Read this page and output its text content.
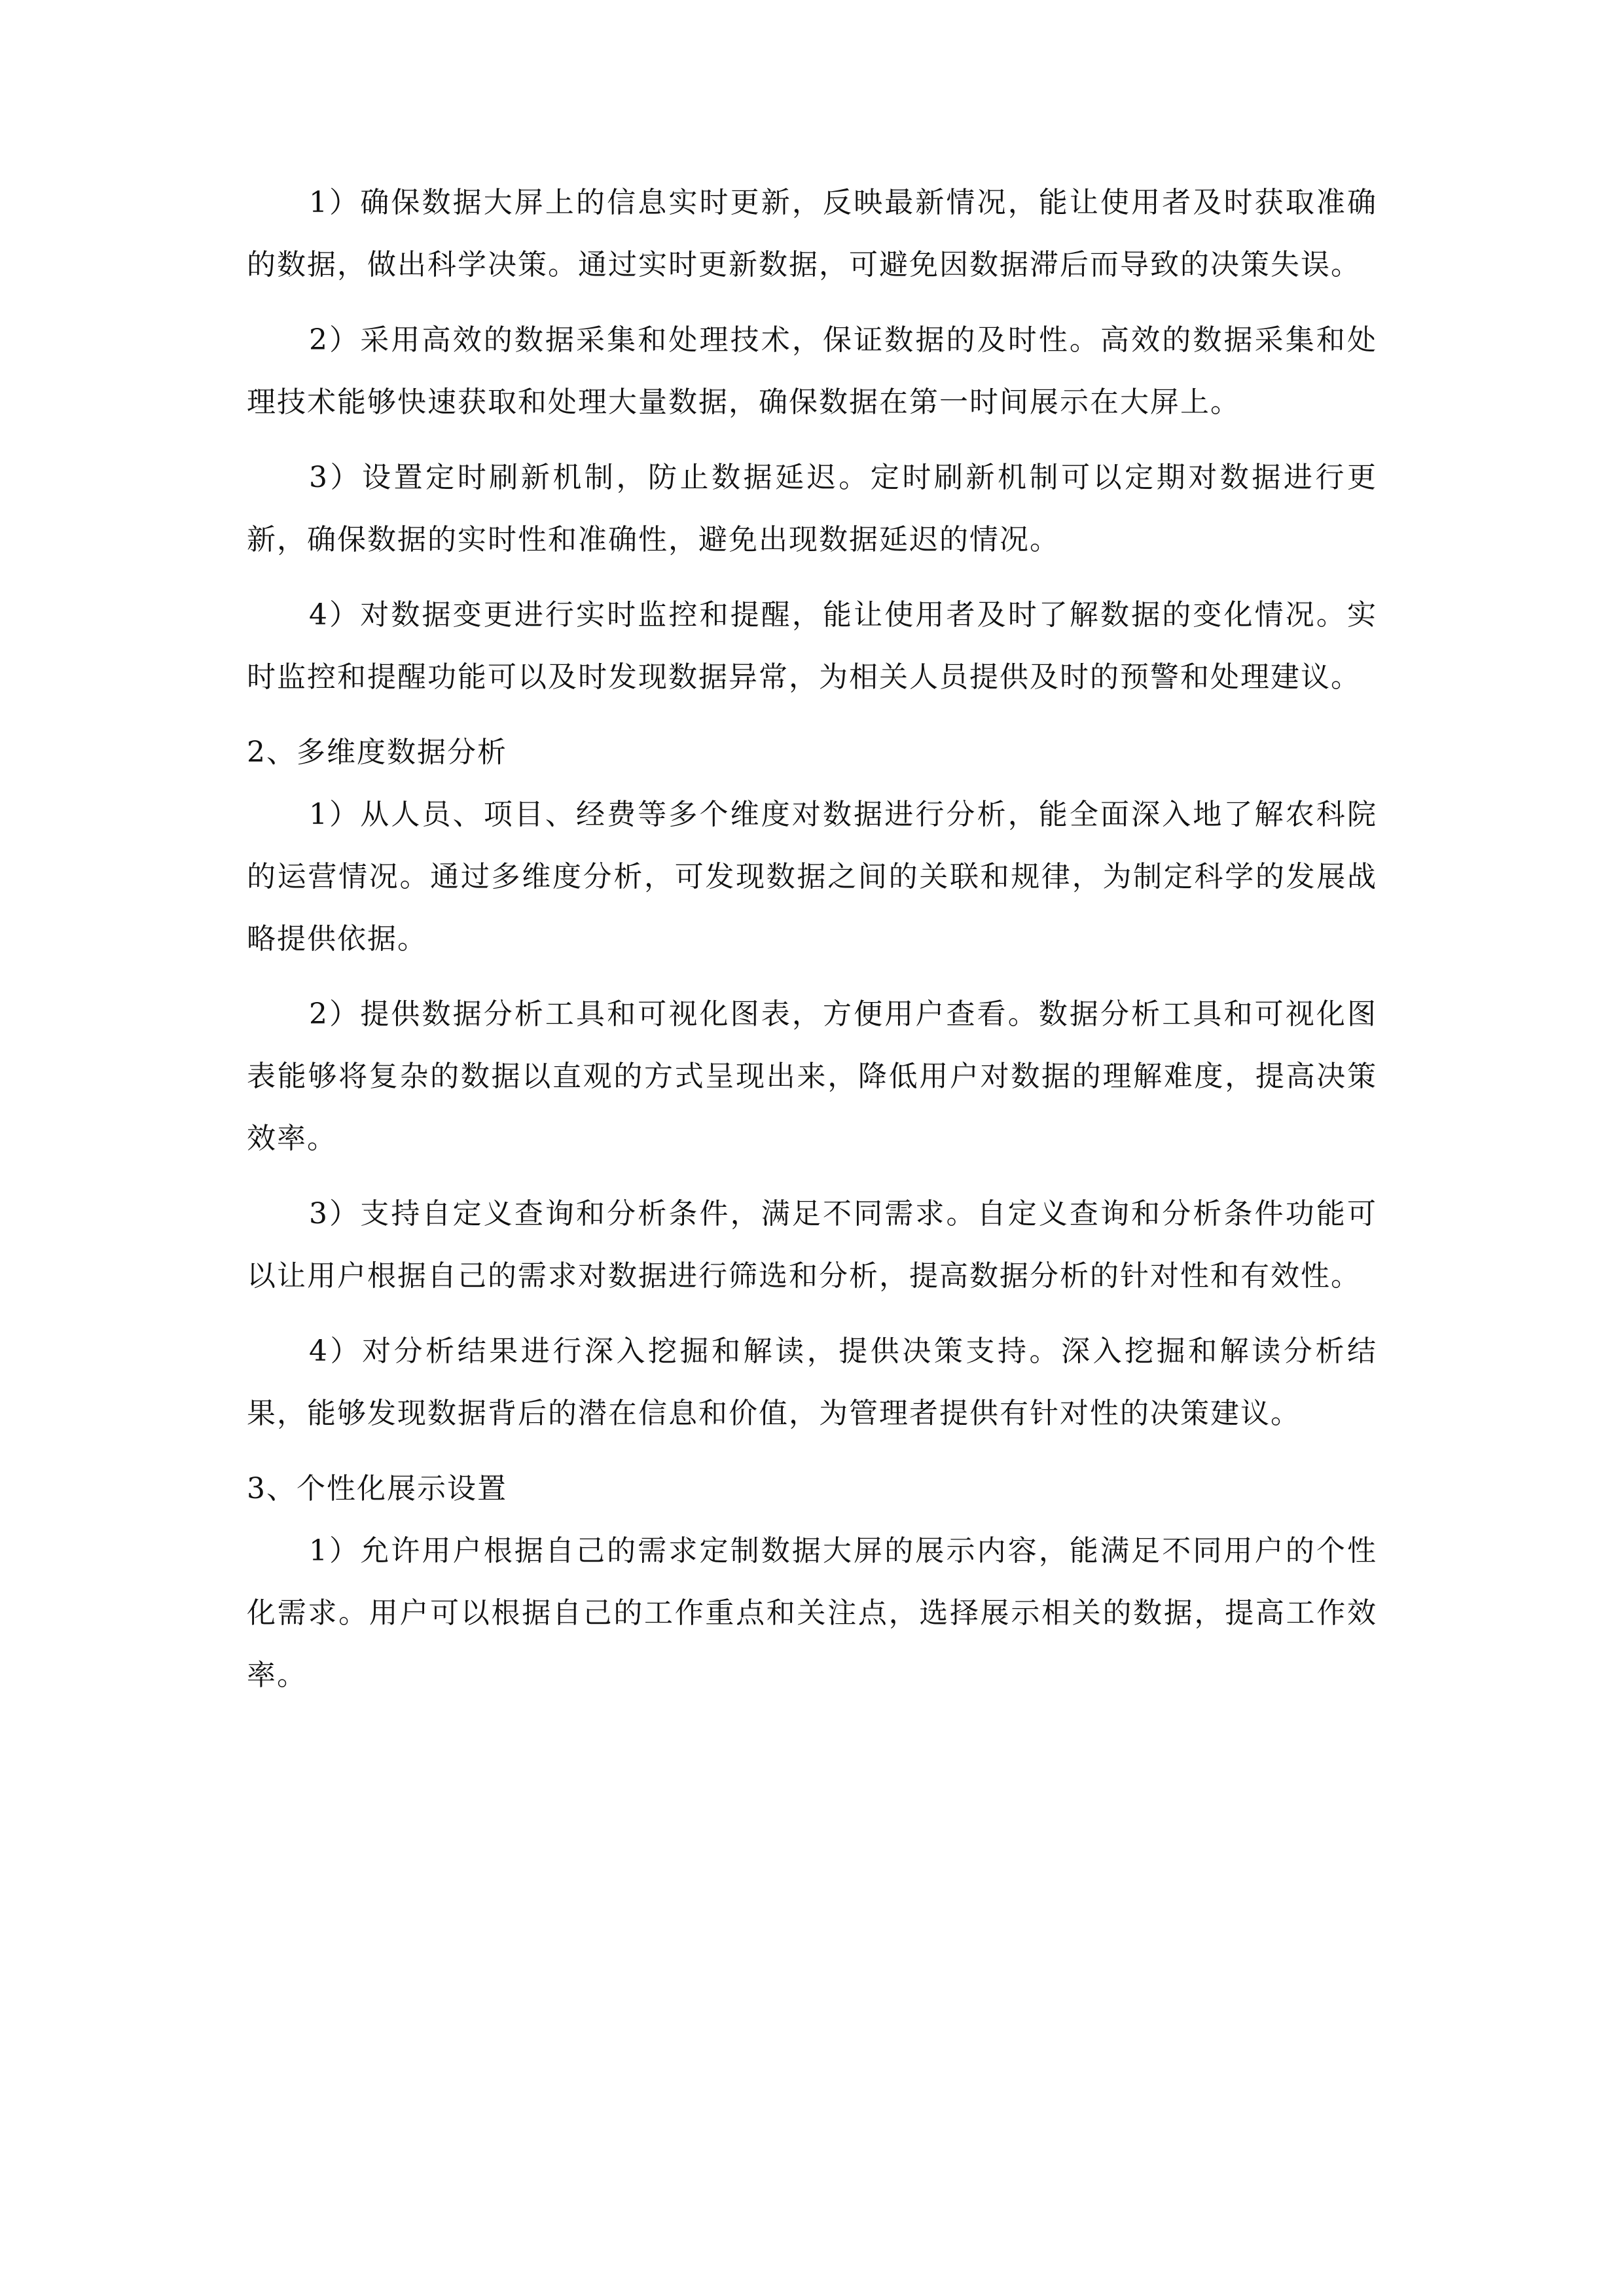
1）确保数据大屏上的信息实时更新，反映最新情况，能让使用者及时获取准确的数据，做出科学决策。通过实时更新数据，可避免因数据滞后而导致的决策失误。

2）采用高效的数据采集和处理技术，保证数据的及时性。高效的数据采集和处理技术能够快速获取和处理大量数据，确保数据在第一时间展示在大屏上。

3）设置定时刷新机制，防止数据延迟。定时刷新机制可以定期对数据进行更新，确保数据的实时性和准确性，避免出现数据延迟的情况。

4）对数据变更进行实时监控和提醒，能让使用者及时了解数据的变化情况。实时监控和提醒功能可以及时发现数据异常，为相关人员提供及时的预警和处理建议。

2、多维度数据分析

1）从人员、项目、经费等多个维度对数据进行分析，能全面深入地了解农科院的运营情况。通过多维度分析，可发现数据之间的关联和规律，为制定科学的发展战略提供依据。

2）提供数据分析工具和可视化图表，方便用户查看。数据分析工具和可视化图表能够将复杂的数据以直观的方式呈现出来，降低用户对数据的理解难度，提高决策效率。

3）支持自定义查询和分析条件，满足不同需求。自定义查询和分析条件功能可以让用户根据自己的需求对数据进行筛选和分析，提高数据分析的针对性和有效性。

4）对分析结果进行深入挖掘和解读，提供决策支持。深入挖掘和解读分析结果，能够发现数据背后的潜在信息和价值，为管理者提供有针对性的决策建议。

3、个性化展示设置

1）允许用户根据自己的需求定制数据大屏的展示内容，能满足不同用户的个性化需求。用户可以根据自己的工作重点和关注点，选择展示相关的数据，提高工作效率。
